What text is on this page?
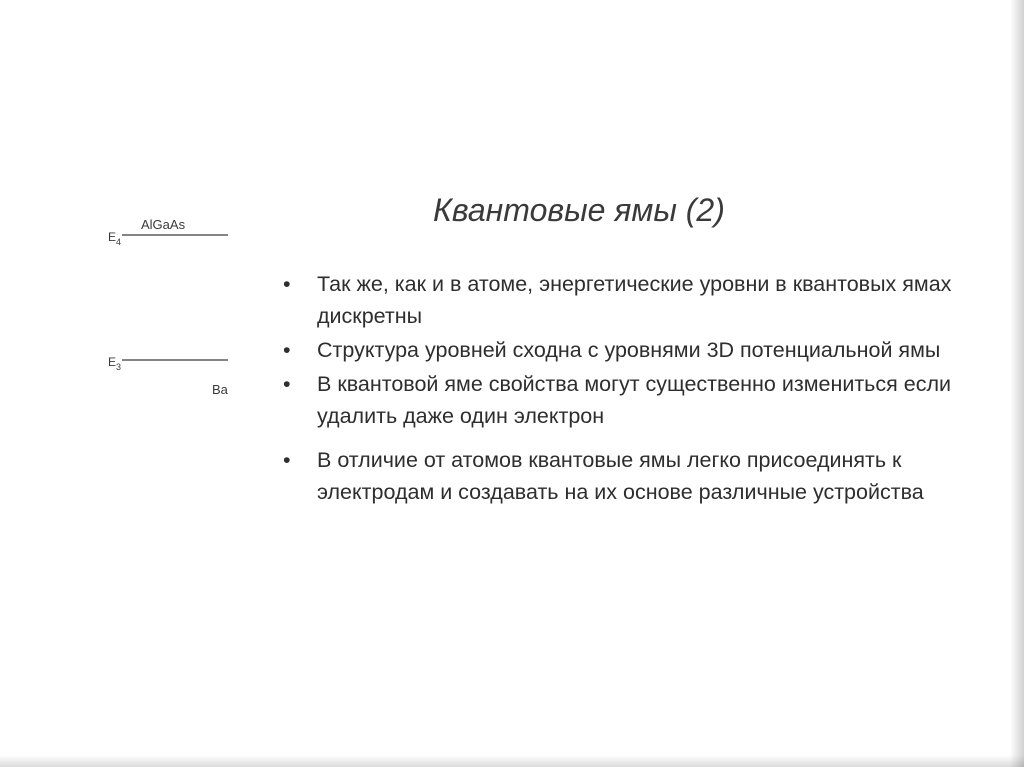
AlGaAs
$E_4$
$E_3$
Ba
Квантовые ямы (2)
• Так же, как и в атоме, энергетические уровни в квантовых ямах дискретны
• Структура уровней сходна с уровнями 3D потенциальной ямы
• В квантовой яме свойства могут существенно измениться если удалить даже один электрон
• В отличие от атомов квантовые ямы легко присоединять к электродам и создавать на их основе различные устройства
